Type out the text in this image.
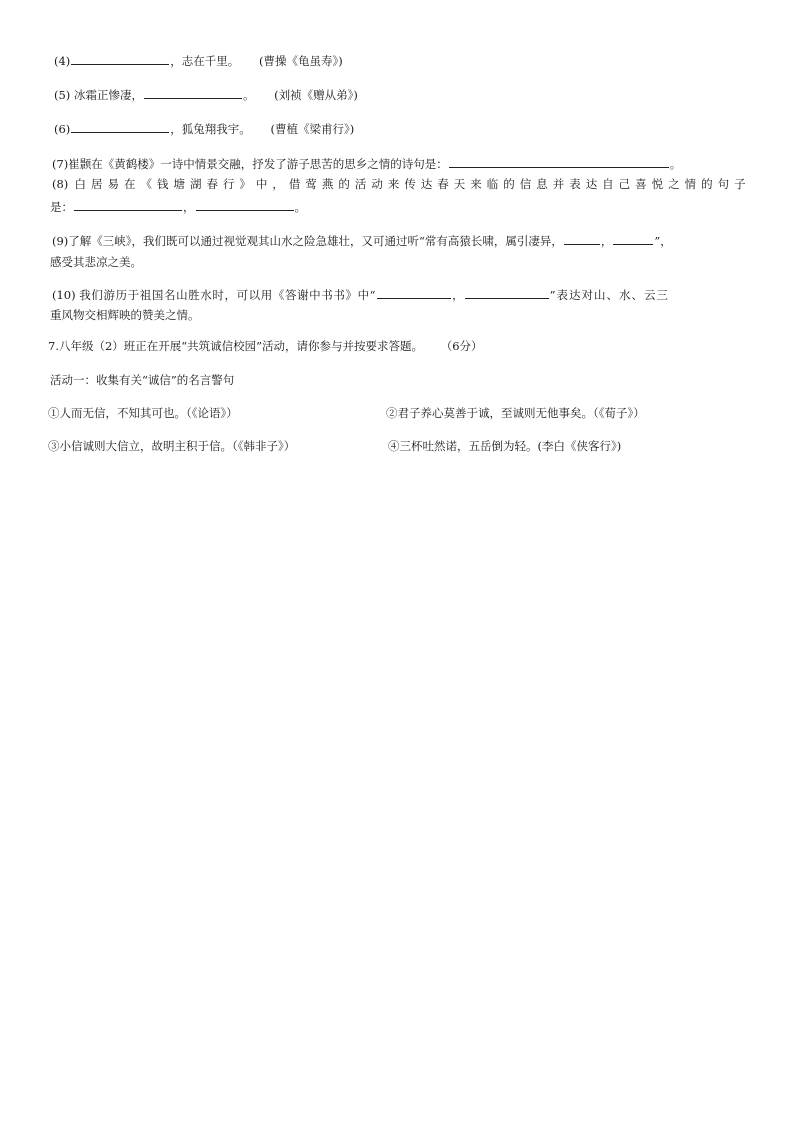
(4)	，志在千里。 (曹操《龟虽寿》)
(5) 冰霜正惨凄，	。 (刘祯《赠从弟》)
(6)	，狐兔翔我宇。 (曹植《梁甫行》)
(7)崔颢在《黄鹤楼》一诗中情景交融，抒发了游子思苦的思乡之情的诗句是：	。
(8) 白居易在《钱塘湖春行》中，借莺燕的活动来传达春天来临的信息并表达自己喜悦之情的句子
是：	，	。
(9)了解《三峡》，我们既可以通过视觉观其山水之险急雄壮，又可通过听“常有高猿长啸，属引凄异，	，	”，
感受其悲凉之美。
(10) 我们游历于祖国名山胜水时，可以用《答谢中书书》中“	，	”表达对山、水、云三
重风物交相辉映的赞美之情。
7.八年级（2）班正在开展“共筑诚信校园”活动，请你参与并按要求答题。 （6分）
活动一：收集有关“诚信”的名言警句
①人而无信，不知其可也。（《论语》）	②君子养心莫善于诚，至诚则无他事矣。（《荀子》）
③小信诚则大信立，故明主积于信。（《韩非子》）	④三杯吐然诺，五岳倒为轻。(李白《侠客行》)
